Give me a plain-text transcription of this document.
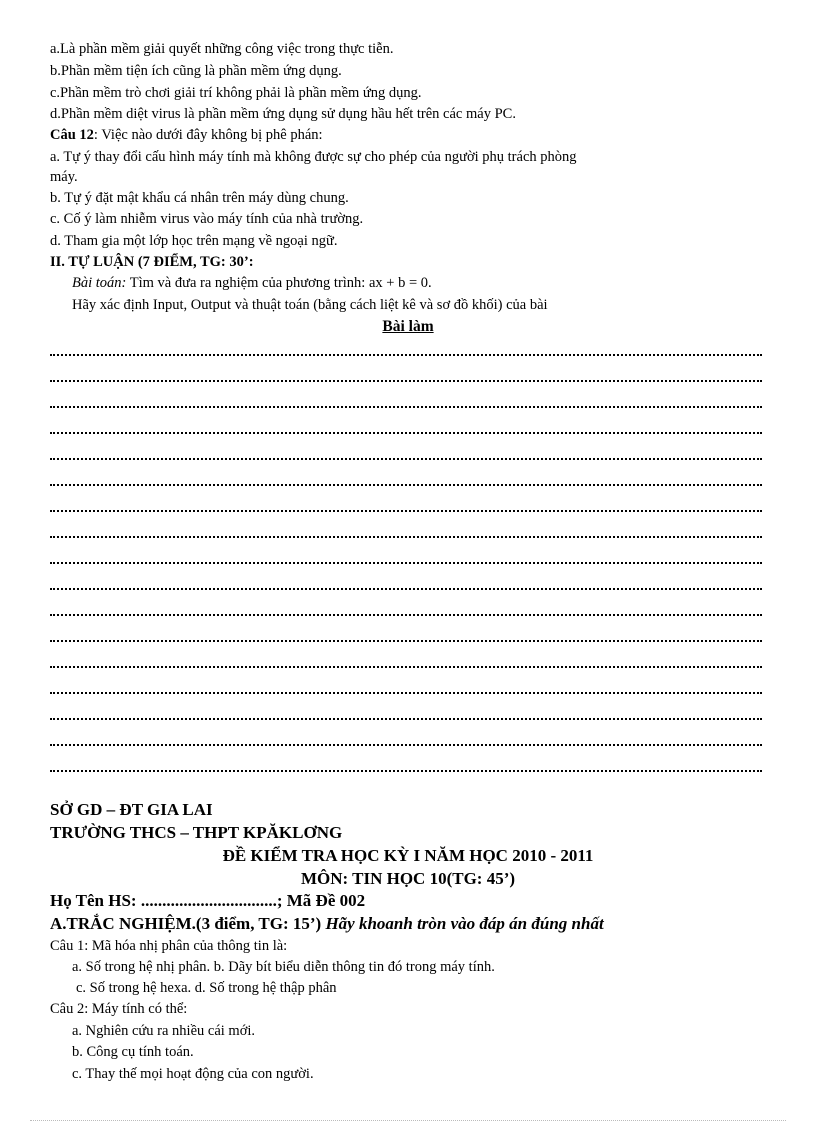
a.Là phần mềm giải quyết những công việc trong thực tiễn.
b.Phần mềm tiện ích cũng là phần mềm ứng dụng.
c.Phần mềm trò chơi giải trí không phải là phần mềm ứng dụng.
d.Phần mềm diệt virus là phần mềm ứng dụng sử dụng hầu hết trên các máy PC.
Câu 12: Việc nào dưới đây không bị phê phán:
a. Tự ý thay đổi cấu hình máy tính mà không được sự cho phép của người phụ trách phòng
máy.
b. Tự ý đặt mật khẩu cá nhân trên máy dùng chung.
c. Cố ý làm nhiễm virus vào máy tính của nhà trường.
d. Tham gia một lớp học trên mạng về ngoại ngữ.
II. TỰ LUẬN (7 ĐIỂM, TG: 30’:
Bài toán: Tìm và đưa ra nghiệm của phương trình: ax + b = 0.
Hãy xác định Input, Output và thuật toán (bằng cách liệt kê và sơ đồ khối) của bài
Bài làm
SỞ GD – ĐT GIA LAI
TRƯỜNG THCS – THPT KPĂKLƠNG
ĐỀ KIỂM TRA HỌC KỲ I NĂM HỌC 2010 - 2011
MÔN: TIN HỌC 10(TG: 45’)
Họ Tên HS: ................................; Mã Đề 002
A.TRẮC NGHIỆM.(3 điểm, TG: 15’) Hãy khoanh tròn vào đáp án đúng nhất
Câu 1: Mã hóa nhị phân của thông tin là:
a. Số trong hệ nhị phân. b. Dãy bít biểu diễn thông tin đó trong máy tính.
c. Số trong hệ hexa. d. Số trong hệ thập phân
Câu 2: Máy tính có thể:
a. Nghiên cứu ra nhiều cái mới.
b. Công cụ tính toán.
c. Thay thế mọi hoạt động của con người.
